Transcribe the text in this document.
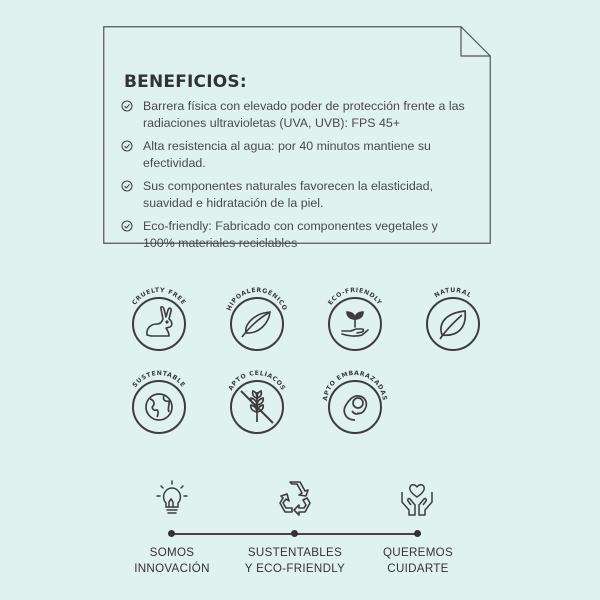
BENEFICIOS:
Barrera física con elevado poder de protección frente a las radiaciones ultravioletas (UVA, UVB): FPS 45+
Alta resistencia al agua: por 40 minutos mantiene su efectividad.
Sus componentes naturales favorecen la elasticidad, suavidad e hidratación de la piel.
Eco-friendly: Fabricado con componentes vegetales y 100% materiales reciclables
CRUELTY FREE
HIPOALERGÉNICO
ECO-FRIENDLY
NATURAL
SUSTENTABLE	APTO CELÍACOS
APTO EMBARAZADAS
SOMOS
INNOVACIÓN
SUSTENTABLES
Y ECO-FRIENDLY
QUEREMOS
CUIDARTE
